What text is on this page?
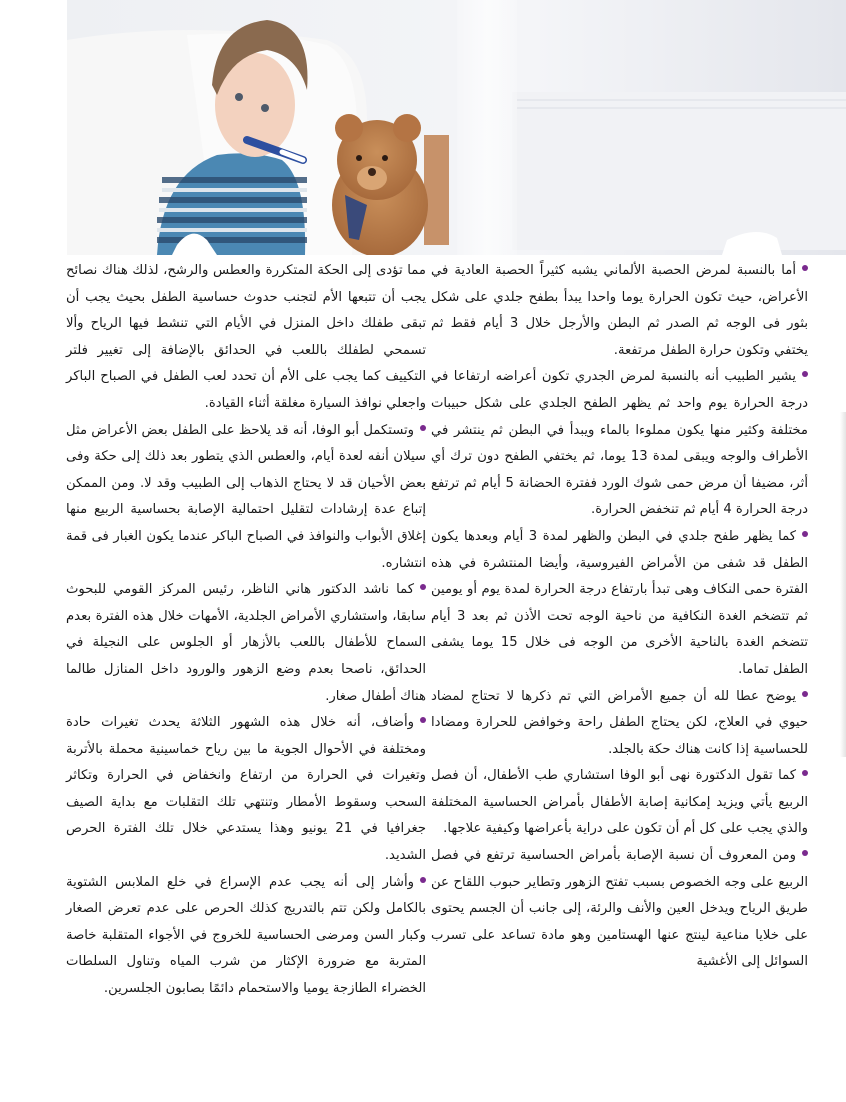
أما بالنسبة لمرض الحصبة الألماني يشبه كثيراً الحصبة العادية في الأعراض، حيث تكون الحرارة يوما واحدا يبدأ بطفح جلدي على شكل بثور فى الوجه ثم الصدر ثم البطن والأرجل خلال 3 أيام فقط ثم يختفي وتكون حرارة الطفل مرتفعة.

يشير الطبيب أنه بالنسبة لمرض الجدري تكون أعراضه ارتفاعا في درجة الحرارة يوم واحد ثم يظهر الطفح الجلدي على شكل حبيبات مختلفة وكثير منها يكون مملوءا بالماء ويبدأ في البطن ثم ينتشر في الأطراف والوجه ويبقى لمدة 13 يوما، ثم يختفي الطفح دون ترك أي أثر، مضيفا أن مرض حمى شوك الورد ففترة الحضانة 5 أيام ثم ترتفع درجة الحرارة 4 أيام ثم تنخفض الحرارة.

كما يظهر طفح جلدي في البطن والظهر لمدة 3 أيام وبعدها يكون الطفل قد شفى من الأمراض الفيروسية، وأيضا المنتشرة في هذه الفترة حمى النكاف وهى تبدأ بارتفاع درجة الحرارة لمدة يوم أو يومين ثم تتضخم الغدة النكافية من ناحية الوجه تحت الأذن ثم بعد 3 أيام تتضخم الغدة بالناحية الأخرى من الوجه فى خلال 15 يوما يشفى الطفل تماما.

يوضح عطا لله أن جميع الأمراض التي تم ذكرها لا تحتاج لمضاد حيوي في العلاج، لكن يحتاج الطفل راحة وخوافض للحرارة ومضادا للحساسية إذا كانت هناك حكة بالجلد.

كما تقول الدكتورة نهى أبو الوفا استشاري طب الأطفال، أن فصل الربيع يأتي ويزيد إمكانية إصابة الأطفال بأمراض الحساسية المختلفة والذي يجب على كل أم أن تكون على دراية بأعراضها وكيفية علاجها.

ومن المعروف أن نسبة الإصابة بأمراض الحساسية ترتفع في فصل الربيع على وجه الخصوص بسبب تفتح الزهور وتطاير حبوب اللقاح عن طريق الرياح ويدخل العين والأنف والرئة، إلى جانب أن الجسم يحتوى على خلايا مناعية لينتج عنها الهستامين وهو مادة تساعد على تسرب السوائل إلى الأغشية

مما تؤدى إلى الحكة المتكررة والعطس والرشح، لذلك هناك نصائح يجب أن تتبعها الأم لتجنب حدوث حساسية الطفل بحيث يجب أن تبقى طفلك داخل المنزل في الأيام التي تنشط فيها الرياح وألا تسمحي لطفلك باللعب في الحدائق بالإضافة إلى تغيير فلتر التكييف كما يجب على الأم أن تحدد لعب الطفل في الصباح الباكر واجعلي نوافذ السيارة مغلقة أثناء القيادة.

وتستكمل أبو الوفا، أنه قد يلاحظ على الطفل بعض الأعراض مثل سيلان أنفه لعدة أيام، والعطس الذي يتطور بعد ذلك إلى حكة وفى بعض الأحيان قد لا يحتاج الذهاب إلى الطبيب وقد لا. ومن الممكن إتباع عدة إرشادات لتقليل احتمالية الإصابة بحساسية الربيع منها إغلاق الأبواب والنوافذ في الصباح الباكر عندما يكون الغبار فى قمة انتشاره.

كما ناشد الدكتور هاني الناظر، رئيس المركز القومي للبحوث سابقا، واستشاري الأمراض الجلدية، الأمهات خلال هذه الفترة بعدم السماح للأطفال باللعب بالأزهار أو الجلوس على النجيلة في الحدائق، ناصحا بعدم وضع الزهور والورود داخل المنازل طالما هناك أطفال صغار.

وأضاف، أنه خلال هذه الشهور الثلاثة يحدث تغيرات حادة ومختلفة في الأحوال الجوية ما بين رياح خماسينية محملة بالأتربة وتغيرات في الحرارة من ارتفاع وانخفاض في الحرارة وتكاثر السحب وسقوط الأمطار وتنتهي تلك التقلبات مع بداية الصيف جغرافيا في 21 يونيو وهذا يستدعي خلال تلك الفترة الحرص الشديد.

وأشار إلى أنه يجب عدم الإسراع في خلع الملابس الشتوية بالكامل ولكن تتم بالتدريج كذلك الحرص على عدم تعرض الصغار وكبار السن ومرضى الحساسية للخروج في الأجواء المتقلبة خاصة المتربة مع ضرورة الإكثار من شرب المياه وتناول السلطات الخضراء الطازجة يوميا والاستحمام دائمًا بصابون الجلسرين.
